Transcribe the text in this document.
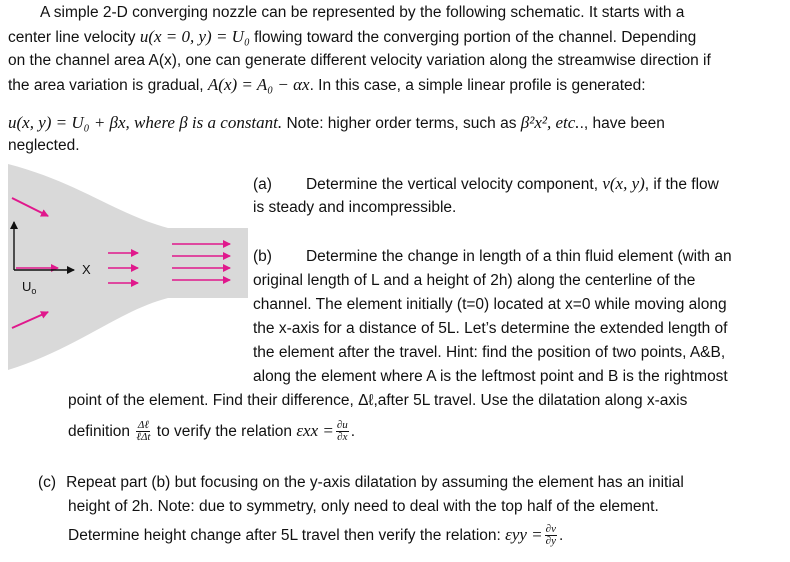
A simple 2-D converging nozzle can be represented by the following schematic. It starts with a
center line velocity u(x = 0, y) = U₀ flowing toward the converging portion of the channel. Depending
on the channel area A(x), one can generate different velocity variation along the streamwise direction if
the area variation is gradual, A(x) = A₀ − αx. In this case, a simple linear profile is generated:
u(x, y) = U₀ + βx, where β is a constant. Note: higher order terms, such as β²x², etc.., have been
neglected.
X
$U_o$
(a) Determine the vertical velocity component, v(x, y), if the flow
is steady and incompressible.
(b) Determine the change in length of a thin fluid element (with an
original length of L and a height of 2h) along the centerline of the
channel. The element initially (t=0) located at x=0 while moving along
the x-axis for a distance of 5L. Let’s determine the extended length of
the element after the travel. Hint: find the position of two points, A&B,
along the element where A is the leftmost point and B is the rightmost
point of the element. Find their difference, Δℓ,after 5L travel. Use the dilatation along x-axis
definition $\frac{\text{Δℓ}}{\text{ℓΔt}}$ to verify the relation $\varepsilon xx = \frac{\partial u}{\partial x}$ .
(c) Repeat part (b) but focusing on the y-axis dilatation by assuming the element has an initial
height of 2h. Note: due to symmetry, only need to deal with the top half of the element.
Determine height change after 5L travel then verify the relation: $\varepsilon yy = \frac{\partial v}{\partial y}$ .
